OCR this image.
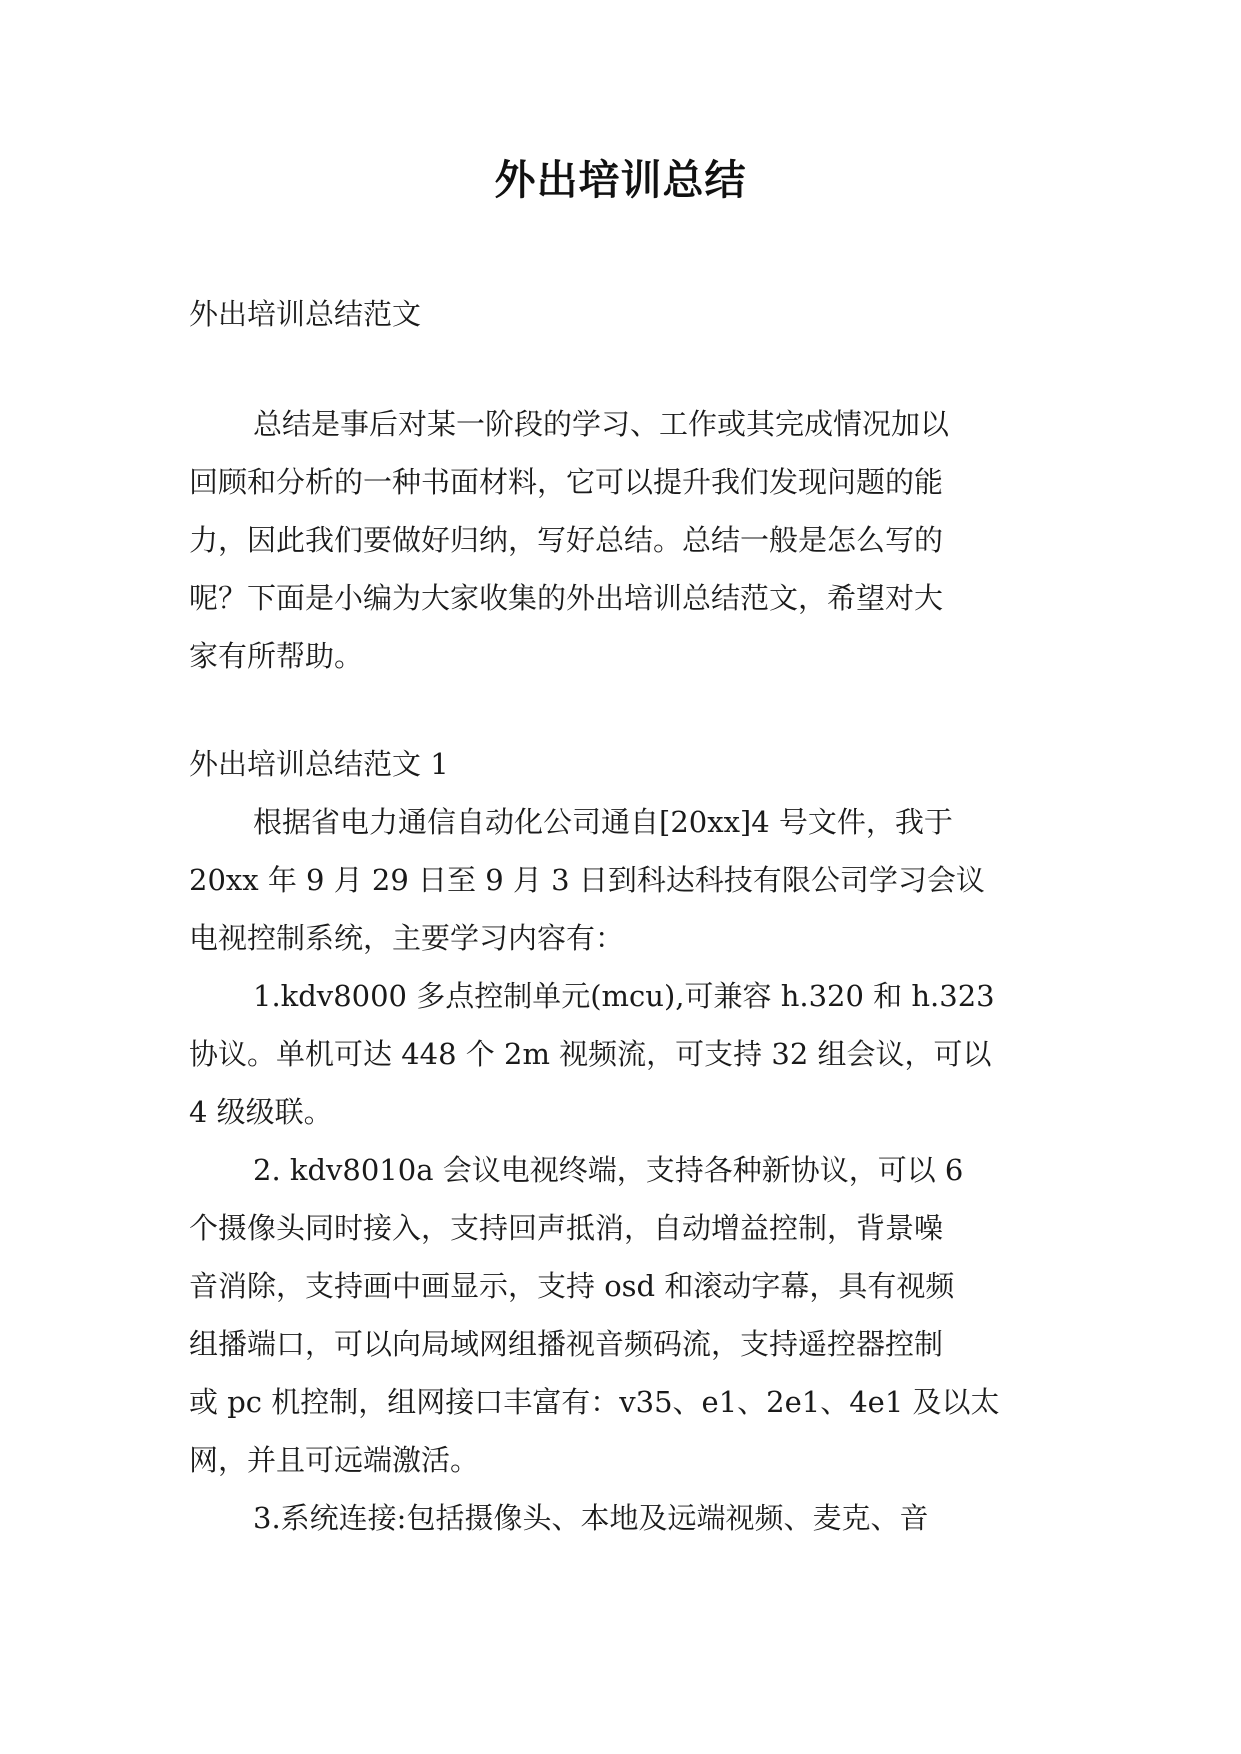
外出培训总结
外出培训总结范文
总结是事后对某一阶段的学习、工作或其完成情况加以
回顾和分析的一种书面材料，它可以提升我们发现问题的能
力，因此我们要做好归纳，写好总结。总结一般是怎么写的
呢？下面是小编为大家收集的外出培训总结范文，希望对大
家有所帮助。
外出培训总结范文 1
根据省电力通信自动化公司通自[20xx]4 号文件，我于
20xx 年 9 月 29 日至 9 月 3 日到科达科技有限公司学习会议
电视控制系统，主要学习内容有：
1.kdv8000 多点控制单元(mcu),可兼容 h.320 和 h.323
协议。单机可达 448 个 2m 视频流，可支持 32 组会议，可以
4 级级联。
2. kdv8010a 会议电视终端，支持各种新协议，可以 6
个摄像头同时接入，支持回声抵消，自动增益控制，背景噪
音消除，支持画中画显示，支持 osd 和滚动字幕，具有视频
组播端口，可以向局域网组播视音频码流，支持遥控器控制
或 pc 机控制，组网接口丰富有：v35、e1、2e1、4e1 及以太
网，并且可远端激活。
3.系统连接:包括摄像头、本地及远端视频、麦克、音
